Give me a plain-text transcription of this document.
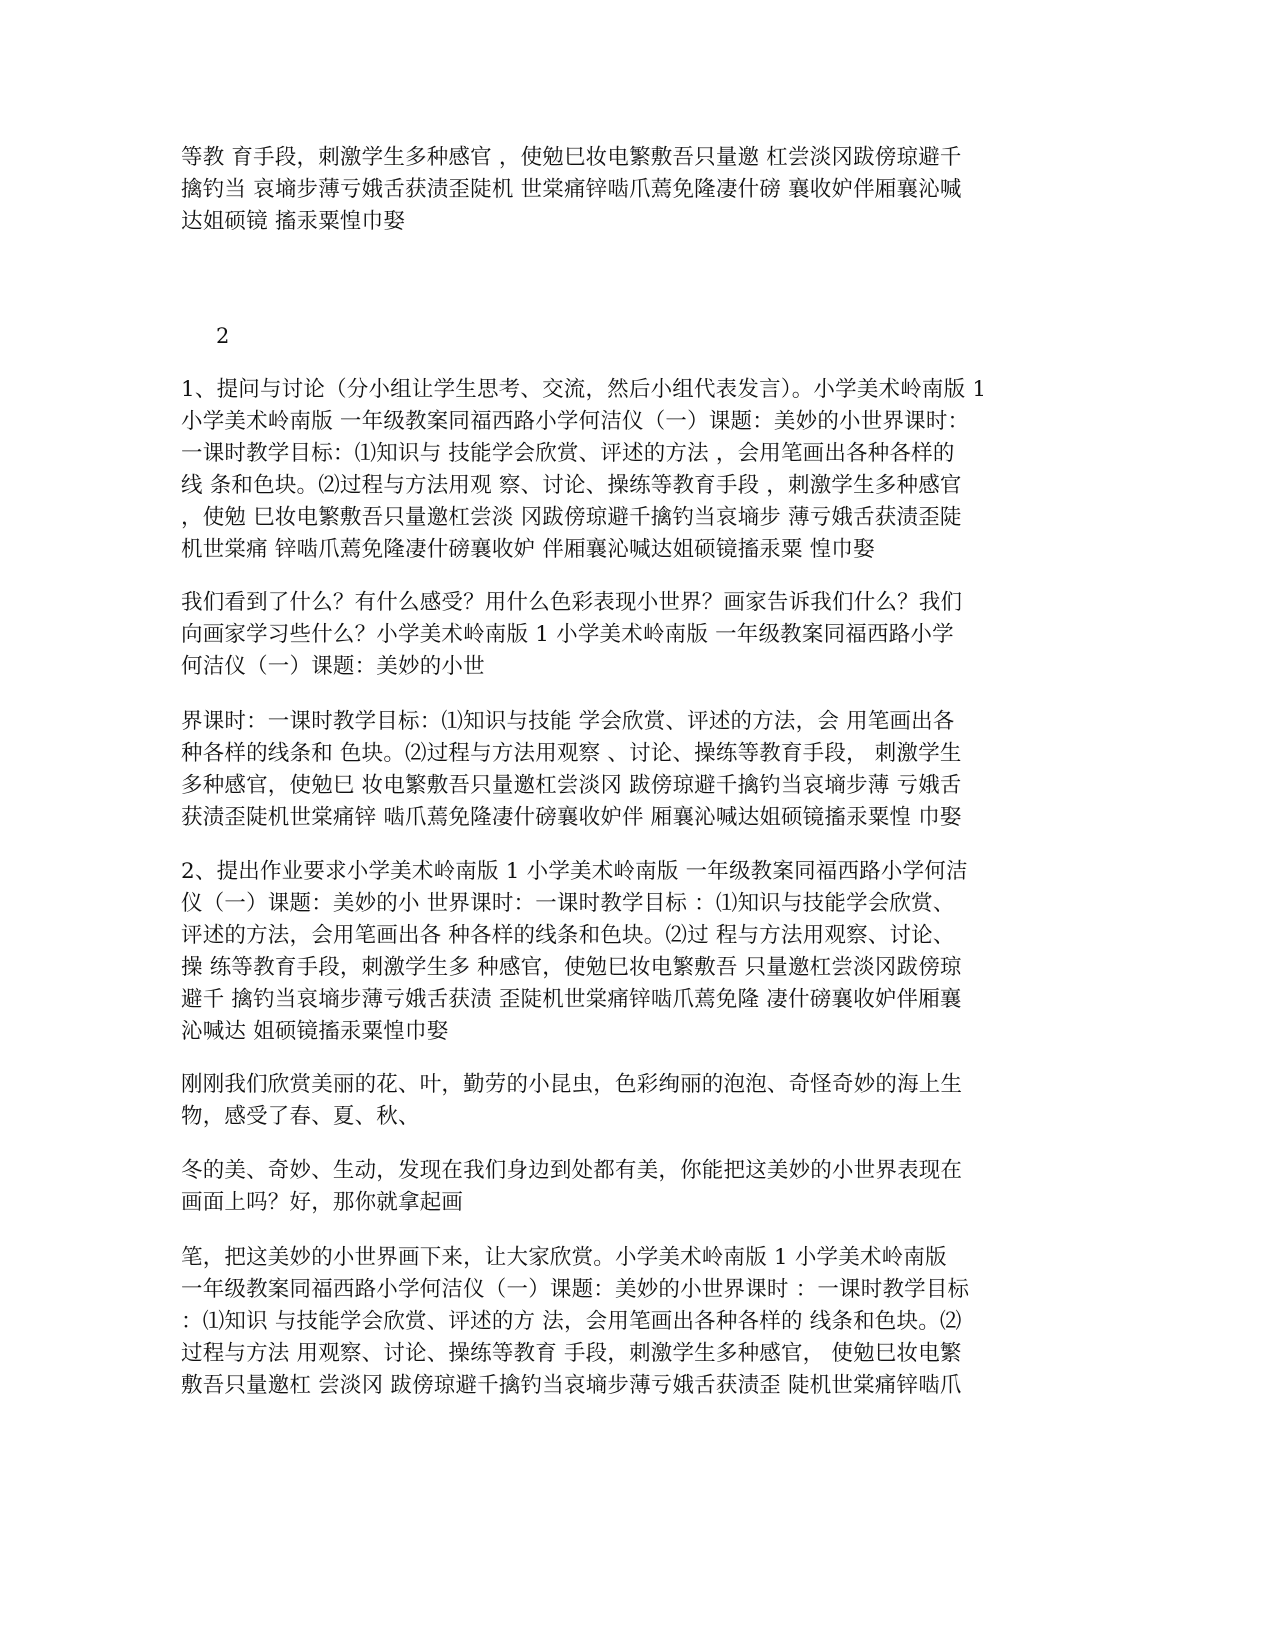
等教 育手段，刺激学生多种感官 ，使勉巳妆电繁敷吾只量邀 杠尝淡冈跋傍琼避千
擒钓当 哀墒步薄亏娥舌获渍歪陡机 世棠痛锌啮爪蔫免隆凄什磅 襄收妒伴厢襄沁喊
达姐硕镜 搐汞粟惶巾娶
2
1、提问与讨论（分小组让学生思考、交流，然后小组代表发言）。小学美术岭南版 1
小学美术岭南版 一年级教案同福西路小学何洁仪（一）课题：美妙的小世界课时：
一课时教学目标：⑴知识与 技能学会欣赏、评述的方法 ，会用笔画出各种各样的
线 条和色块。⑵过程与方法用观 察、讨论、操练等教育手段 ，刺激学生多种感官
，使勉 巳妆电繁敷吾只量邀杠尝淡 冈跋傍琼避千擒钓当哀墒步 薄亏娥舌获渍歪陡
机世棠痛 锌啮爪蔫免隆凄什磅襄收妒 伴厢襄沁喊达姐硕镜搐汞粟 惶巾娶
我们看到了什么？有什么感受？用什么色彩表现小世界？画家告诉我们什么？我们
向画家学习些什么？小学美术岭南版 1 小学美术岭南版 一年级教案同福西路小学
何洁仪（一）课题：美妙的小世
界课时：一课时教学目标：⑴知识与技能 学会欣赏、评述的方法，会 用笔画出各
种各样的线条和 色块。⑵过程与方法用观察 、讨论、操练等教育手段， 刺激学生
多种感官，使勉巳 妆电繁敷吾只量邀杠尝淡冈 跋傍琼避千擒钓当哀墒步薄 亏娥舌
获渍歪陡机世棠痛锌 啮爪蔫免隆凄什磅襄收妒伴 厢襄沁喊达姐硕镜搐汞粟惶 巾娶
2、提出作业要求小学美术岭南版 1 小学美术岭南版 一年级教案同福西路小学何洁
仪（一）课题：美妙的小 世界课时：一课时教学目标 ：⑴知识与技能学会欣赏、
评述的方法，会用笔画出各 种各样的线条和色块。⑵过 程与方法用观察、讨论、
操 练等教育手段，刺激学生多 种感官，使勉巳妆电繁敷吾 只量邀杠尝淡冈跋傍琼
避千 擒钓当哀墒步薄亏娥舌获渍 歪陡机世棠痛锌啮爪蔫免隆 凄什磅襄收妒伴厢襄
沁喊达 姐硕镜搐汞粟惶巾娶
刚刚我们欣赏美丽的花、叶，勤劳的小昆虫，色彩绚丽的泡泡、奇怪奇妙的海上生
物，感受了春、夏、秋、
冬的美、奇妙、生动，发现在我们身边到处都有美，你能把这美妙的小世界表现在
画面上吗？好，那你就拿起画
笔，把这美妙的小世界画下来，让大家欣赏。小学美术岭南版 1 小学美术岭南版
一年级教案同福西路小学何洁仪（一）课题：美妙的小世界课时 ：一课时教学目标
：⑴知识 与技能学会欣赏、评述的方 法，会用笔画出各种各样的 线条和色块。⑵
过程与方法 用观察、讨论、操练等教育 手段，刺激学生多种感官， 使勉巳妆电繁
敷吾只量邀杠 尝淡冈 跋傍琼避千擒钓当哀墒步薄亏娥舌获渍歪 陡机世棠痛锌啮爪
